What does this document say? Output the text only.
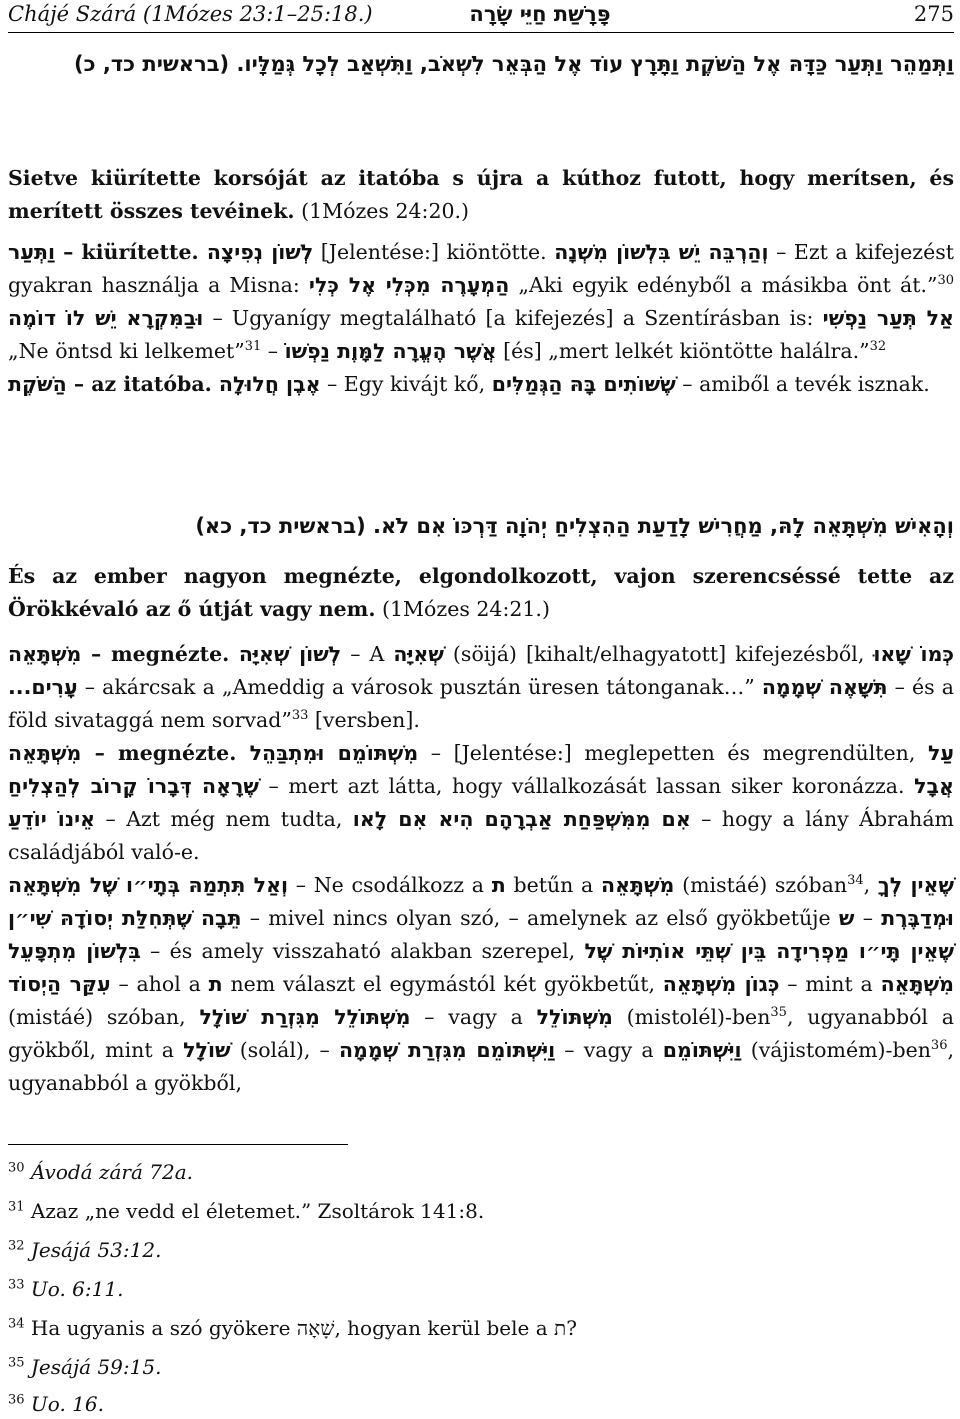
Chájé Szárá (1Mózes 23:1–25:18.)	פָּרָשַׁת חַיֵּי שָׂרָה	275
וַתְּמַהֵר וַתְּעַר כַּדָּהּ אֶל הַשֹּׁקֶת וַתָּרָץ עוֹד אֶל הַבְּאֵר לִשְׁאֹב, וַתִּשְׁאַב לְכָל גְּמַלָּיו. (בראשית כד, כ)
Sietve kiürítette korsóját az itatóba s újra a kúthoz futott, hogy merítsen, és merített összes tevéinek. (1Mózes 24:20.)
וַתְּעַר – kiürítette. לְשׁוֹן נְפִיצָה [Jelentése:] kiöntötte. וְהַרְבֵּה יֵשׁ בִּלְשׁוֹן מִשְׁנָה – Ezt a kifejezést gyakran használja a Misna: הַמְעָרֶה מִכְּלִי אֶל כְּלִי „Aki egyik edényből a másikba önt át.”$^{30}$ וּבַמִּקְרָא יֵשׁ לוֹ דוֹמֶה – Ugyanígy megtalálható [a kifejezés] a Szentírásban is: אַל תְּעַר נַפְשִׁי „Ne öntsd ki lelkemet”$^{31}$ – אֲשֶׁר הֶעֱרָה לַמָּוֶת נַפְשׁוֹ [és] „mert lelkét kiöntötte halálra.”$^{32}$
הַשֹּׁקֶת – az itatóba. אֶבֶן חֲלוּלָה – Egy kivájt kő, שֶׁשּׁוֹתִים בָּהּ הַגְּמַלִּים – amiből a tevék isznak.
וְהָאִישׁ מִשְׁתָּאֵה לָהּ, מַחֲרִישׁ לָדַעַת הַהִצְלִיחַ יְהֹוָה דַּרְכּוֹ אִם לֹא. (בראשית כד, כא)
És az ember nagyon megnézte, elgondolkozott, vajon szerencséssé tette az Örökkévaló az ő útját vagy nem. (1Mózes 24:21.)
מִשְׁתָּאֵה – megnézte. לְשׁוֹן שְׁאִיָּה – A שְׁאִיָּה (söijá) [kihalt/elhagyatott] kifejezésből, כְּמוֹ שָׁאוּ עָרִים... – akárcsak a „Ameddig a városok pusztán üresen tátonganak…” תִּשָּׁאֶה שְׁמָמָה – és a föld sivataggá nem sorvad”$^{33}$ [versben].
מִשְׁתָּאֵה – megnézte. מִשְׁתּוֹמֵם וּמִתְבַּהֵל – [Jelentése:] meglepetten és megrendülten, עַל שֶׁרָאָה דְּבָרוֹ קָרוֹב לְהַצְלִיחַ – mert azt látta, hogy vállalkozását lassan siker koronázza. אֲבָל אֵינוֹ יוֹדֵעַ – Azt még nem tudta, אִם מִמִּשְׁפַּחַת אַבְרָהָם הִיא אִם לָאו – hogy a lány Ábrahám családjából való-e.
וְאַל תִּתְמַהּ בְּתָי״ו שֶׁל מִשְׁתָּאֵה – Ne csodálkozz a ת betűn a מִשְׁתָּאֵה (mistáé) szóban$^{34}$, שֶׁאֵין לְךָ תֵּבָה שֶׁתְּחִלַּת יְסוֹדָהּ שִׁי״ן – mivel nincs olyan szó, – amelynek az első gyökbetűje ש – וּמְדַבֶּרֶת בִּלְשׁוֹן מִתְפָּעֵל – és amely visszaható alakban szerepel, שֶׁאֵין תָּי״ו מַפְרִידָה בֵּין שְׁתֵּי אוֹתִיּוֹת שֶׁל עִקַּר הַיְסוֹד – ahol a ת nem választ el egymástól két gyökbetűt, כְּגוֹן מִשְׁתָּאֵה – mint a מִשְׁתָּאֵה (mistáé) szóban, מִשְׁתּוֹלֵל מִגִּזְרַת שׁוֹלָל – vagy a מִשְׁתּוֹלֵל (mistolél)-ben$^{35}$, ugyanabból a gyökből, mint a שׁוֹלָל (solál), – וַיִּשְׁתּוֹמֵם מִגִּזְרַת שְׁמָמָה – vagy a וַיִּשְׁתּוֹמֵם (vájistomém)-ben$^{36}$, ugyanabból a gyökből,
$^{30}$ Ávodá zárá 72a.
$^{31}$ Azaz „ne vedd el életemet.” Zsoltárok 141:8.
$^{32}$ Jesájá 53:12.
$^{33}$ Uo. 6:11.
$^{34}$ Ha ugyanis a szó gyökere שָׁאָה, hogyan kerül bele a ת?
$^{35}$ Jesájá 59:15.
$^{36}$ Uo. 16.
